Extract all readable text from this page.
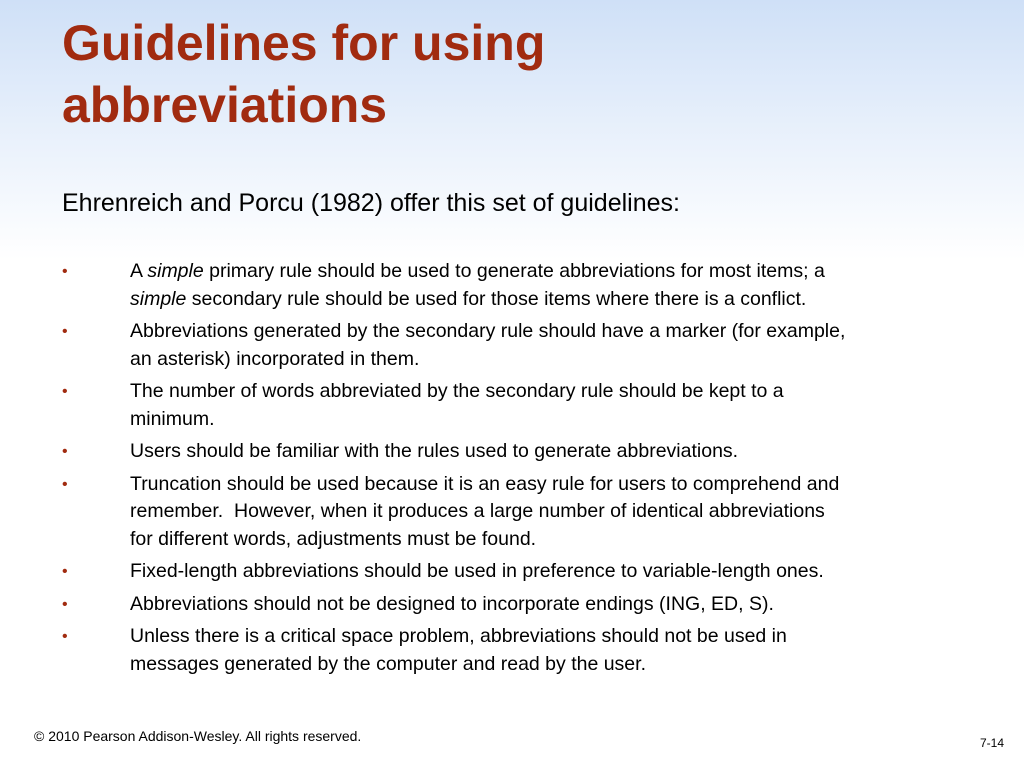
Guidelines for using
abbreviations

Ehrenreich and Porcu (1982) offer this set of guidelines:

•	A simple primary rule should be used to generate abbreviations for most items; a
simple secondary rule should be used for those items where there is a conflict.
•	Abbreviations generated by the secondary rule should have a marker (for example,
an asterisk) incorporated in them.
•	The number of words abbreviated by the secondary rule should be kept to a
minimum.
•	Users should be familiar with the rules used to generate abbreviations.
•	Truncation should be used because it is an easy rule for users to comprehend and
remember.  However, when it produces a large number of identical abbreviations
for different words, adjustments must be found.
•	Fixed-length abbreviations should be used in preference to variable-length ones.
•	Abbreviations should not be designed to incorporate endings (ING, ED, S).
•	Unless there is a critical space problem, abbreviations should not be used in
messages generated by the computer and read by the user.
© 2010 Pearson Addison-Wesley. All rights reserved.	7-14
